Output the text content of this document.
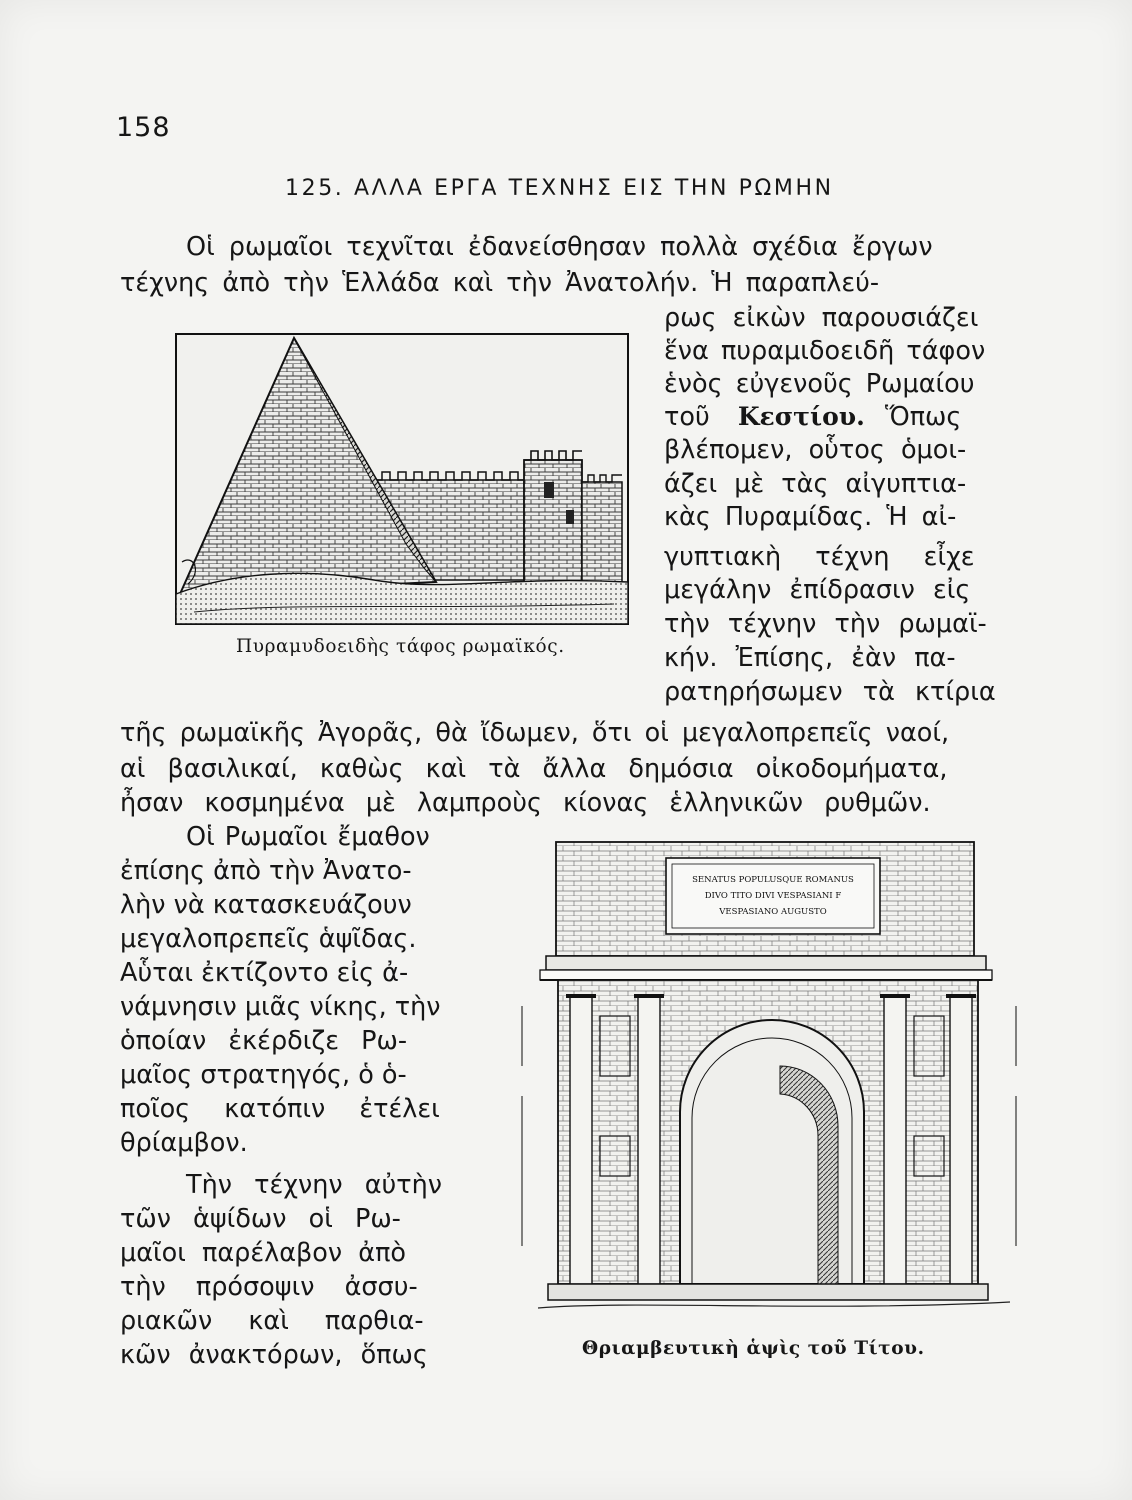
158
125. ΑΛΛΑ ΕΡΓΑ ΤΕΧΝΗΣ ΕΙΣ ΤΗΝ ΡΩΜΗΝ
Οἱ ρωμαῖοι τεχνῖται ἐδανείσθησαν πολλὰ σχέδια ἔργων
τέχνης ἀπὸ τὴν Ἑλλάδα καὶ τὴν Ἀνατολήν. Ἡ παραπλεύ-
ρως εἰκὼν παρουσιάζει
ἕνα πυραμιδοειδῆ τάφον
ἑνὸς εὐγενοῦς Ρωμαίου
τοῦ Κεστίου. Ὅπως
βλέπομεν, οὗτος ὁμοι-
άζει μὲ τὰς αἰγυπτια-
κὰς Πυραμίδας. Ἡ αἰ-
γυπτιακὴ τέχνη εἶχε
μεγάλην ἐπίδρασιν εἰς
τὴν τέχνην τὴν ρωμαϊ-
κήν. Ἐπίσης, ἐὰν πα-
ρατηρήσωμεν τὰ κτίρια
τῆς ρωμαϊκῆς Ἀγορᾶς, θὰ ἴδωμεν, ὅτι οἱ μεγαλοπρεπεῖς ναοί,
αἱ βασιλικαί, καθὼς καὶ τὰ ἄλλα δημόσια οἰκοδομήματα,
ἦσαν κοσμημένα μὲ λαμπροὺς κίονας ἑλληνικῶν ρυθμῶν.
Οἱ Ρωμαῖοι ἔμαθον
ἐπίσης ἀπὸ τὴν Ἀνατο-
λὴν νὰ κατασκευάζουν
μεγαλοπρεπεῖς ἁψῖδας.
Αὗται ἐκτίζοντο εἰς ἀ-
νάμνησιν μιᾶς νίκης, τὴν
ὁποίαν ἐκέρδιζε Ρω-
μαῖος στρατηγός, ὁ ὁ-
ποῖος κατόπιν ἐτέλει
θρίαμβον.
Τὴν τέχνην αὐτὴν
τῶν ἁψίδων οἱ Ρω-
μαῖοι παρέλαβον ἀπὸ
τὴν πρόσοψιν ἀσσυ-
ριακῶν καὶ παρθια-
κῶν ἀνακτόρων, ὅπως
Πυραμυδοειδὴς τάφος ρωμαϊκός.
SENATUS POPULUSQUE ROMANUS
DIVO TITO DIVI VESPASIANI F
VESPASIANO AUGUSTO
Θριαμβευτικὴ ἁψὶς τοῦ Τίτου.
